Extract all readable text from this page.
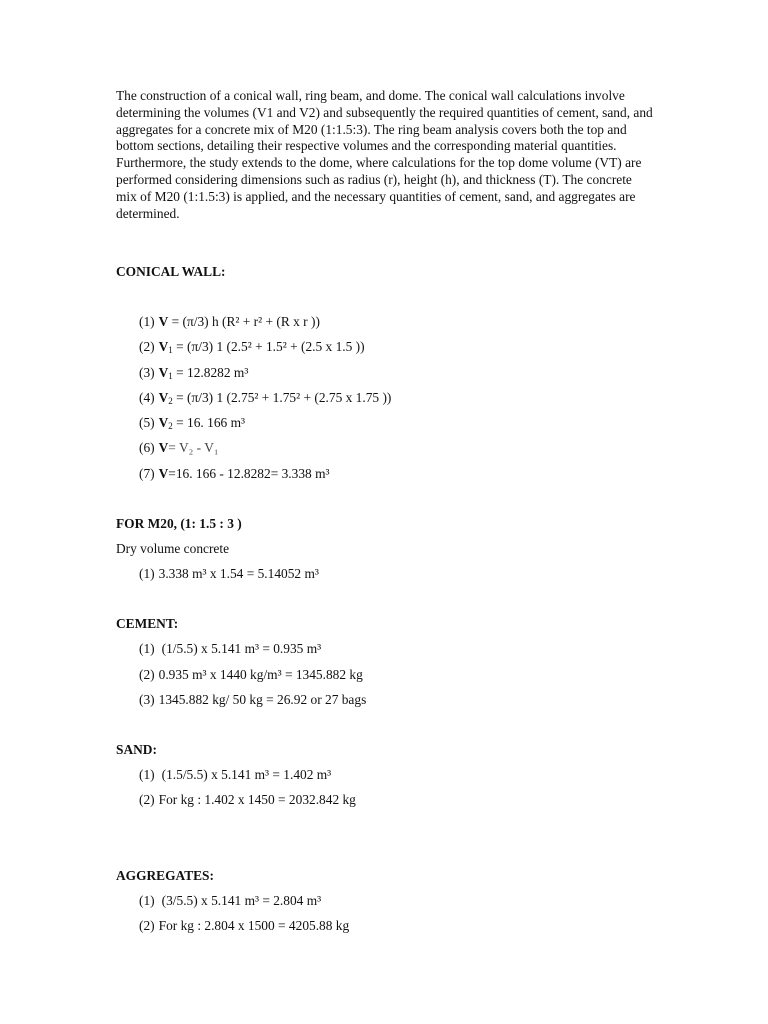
The construction of a conical wall, ring beam, and dome. The conical wall calculations involve determining the volumes (V1 and V2) and subsequently the required quantities of cement, sand, and aggregates for a concrete mix of M20 (1:1.5:3). The ring beam analysis covers both the top and bottom sections, detailing their respective volumes and the corresponding material quantities.

Furthermore, the study extends to the dome, where calculations for the top dome volume (VT) are performed considering dimensions such as radius (r), height (h), and thickness (T). The concrete mix of M20 (1:1.5:3) is applied, and the necessary quantities of cement, sand, and aggregates are determined.

CONICAL WALL:
(1) V = (π/3) h (R² + r² + (R x r ))
(2) $V_1 = (\pi/3)$ 1 (2.5² + 1.5² + (2.5 x 1.5 ))
(3) $V_1 = 12.8282$ m³
(4) $V_2 = (\pi/3)$ 1 (2.75² + 1.75² + (2.75 x 1.75 ))
(5) $V_2 = 16$. 166 m³
(6) V= V₂ - V₁
(7) V=16. 166 - 12.8282= 3.338 m³
FOR M20, (1: 1.5 : 3 )
Dry volume concrete
(1) 3.338 m³ x 1.54 = 5.14052 m³
CEMENT:
(1) (1/5.5) x 5.141 m³ = 0.935 m³
(2) 0.935 m³ x 1440 kg/m³ = 1345.882 kg
(3) 1345.882 kg/ 50 kg = 26.92 or 27 bags
SAND:
(1) (1.5/5.5) x 5.141 m³ = 1.402 m³
(2) For kg : 1.402 x 1450 = 2032.842 kg
AGGREGATES:
(1) (3/5.5) x 5.141 m³ = 2.804 m³
(2) For kg : 2.804 x 1500 = 4205.88 kg
